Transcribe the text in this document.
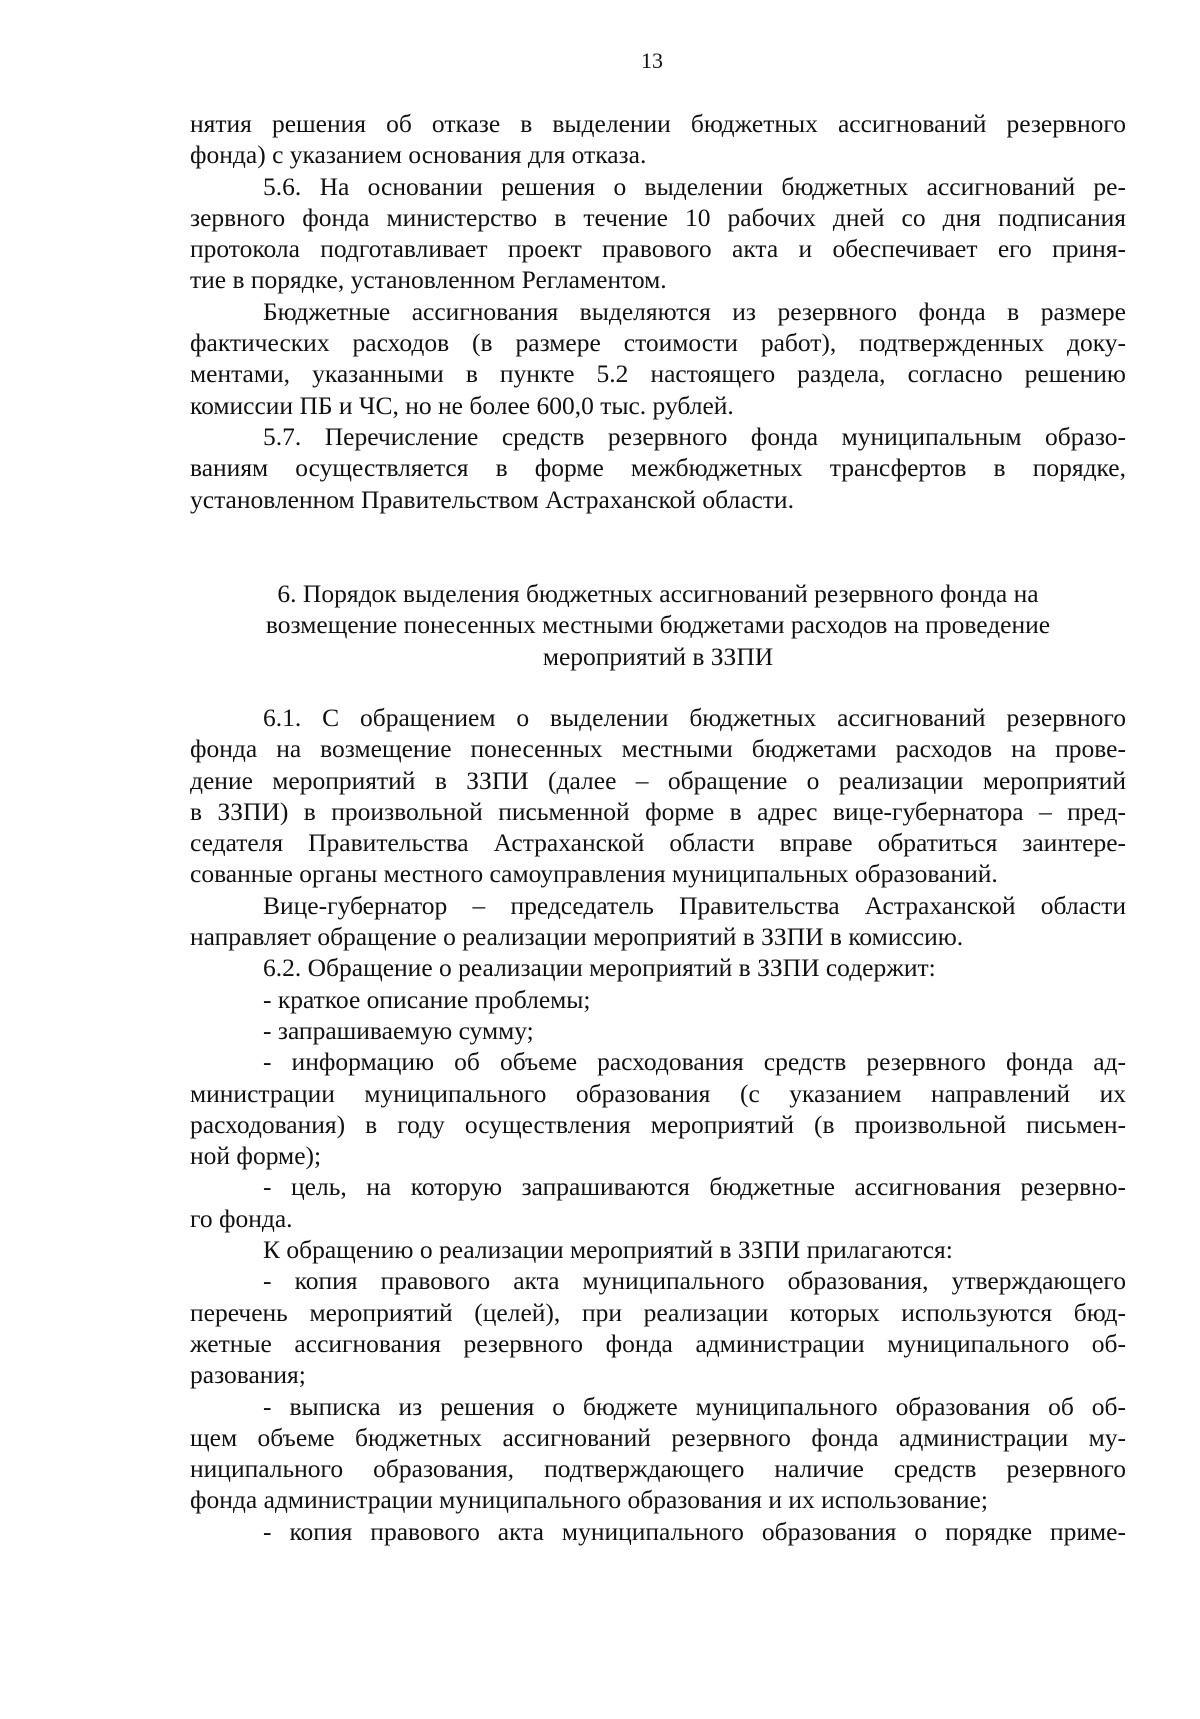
13
нятия решения об отказе в выделении бюджетных ассигнований резервного
фонда) с указанием основания для отказа.
5.6. На основании решения о выделении бюджетных ассигнований ре-
зервного фонда министерство в течение 10 рабочих дней со дня подписания
протокола подготавливает проект правового акта и обеспечивает его приня-
тие в порядке, установленном Регламентом.
Бюджетные ассигнования выделяются из резервного фонда в размере
фактических расходов (в размере стоимости работ), подтвержденных доку-
ментами, указанными в пункте 5.2 настоящего раздела, согласно решению
комиссии ПБ и ЧС, но не более 600,0 тыс. рублей.
5.7. Перечисление средств резервного фонда муниципальным образо-
ваниям осуществляется в форме межбюджетных трансфертов в порядке,
установленном Правительством Астраханской области.
6. Порядок выделения бюджетных ассигнований резервного фонда на
возмещение понесенных местными бюджетами расходов на проведение
мероприятий в ЗЗПИ
6.1. С обращением о выделении бюджетных ассигнований резервного
фонда на возмещение понесенных местными бюджетами расходов на прове-
дение мероприятий в ЗЗПИ (далее – обращение о реализации мероприятий
в ЗЗПИ) в произвольной письменной форме в адрес вице-губернатора – пред-
седателя Правительства Астраханской области вправе обратиться заинтере-
сованные органы местного самоуправления муниципальных образований.
Вице-губернатор – председатель Правительства Астраханской области
направляет обращение о реализации мероприятий в ЗЗПИ в комиссию.
6.2. Обращение о реализации мероприятий в ЗЗПИ содержит:
- краткое описание проблемы;
- запрашиваемую сумму;
- информацию об объеме расходования средств резервного фонда ад-
министрации муниципального образования (с указанием направлений их
расходования) в году осуществления мероприятий (в произвольной письмен-
ной форме);
- цель, на которую запрашиваются бюджетные ассигнования резервно-
го фонда.
К обращению о реализации мероприятий в ЗЗПИ прилагаются:
- копия правового акта муниципального образования, утверждающего
перечень мероприятий (целей), при реализации которых используются бюд-
жетные ассигнования резервного фонда администрации муниципального об-
разования;
- выписка из решения о бюджете муниципального образования об об-
щем объеме бюджетных ассигнований резервного фонда администрации му-
ниципального образования, подтверждающего наличие средств резервного
фонда администрации муниципального образования и их использование;
- копия правового акта муниципального образования о порядке приме-
